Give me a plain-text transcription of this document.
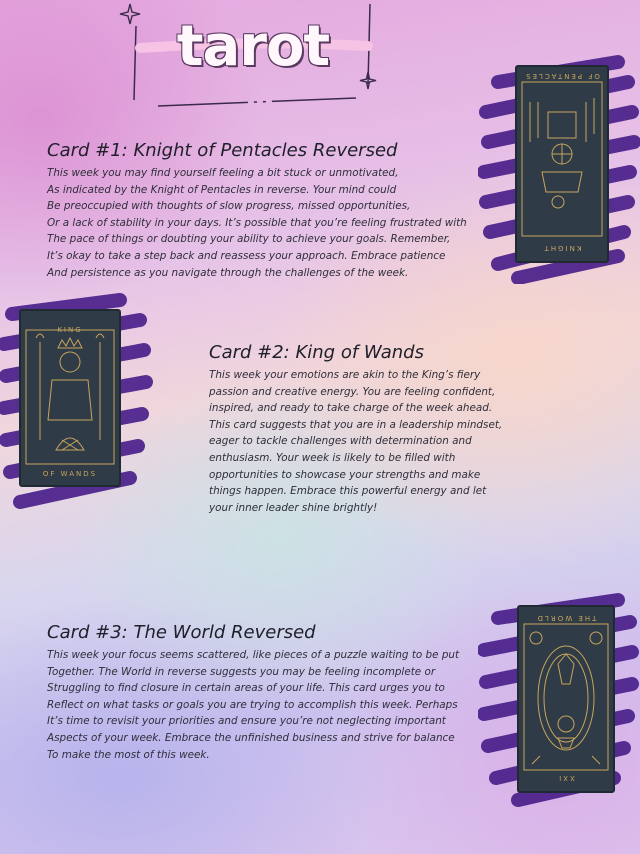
tarot
Card #1: Knight of Pentacles Reversed

This week you may find yourself feeling a bit stuck or unmotivated,
As indicated by the Knight of Pentacles in reverse. Your mind could
Be preoccupied with thoughts of slow progress, missed opportunities,
Or a lack of stability in your days. It’s possible that you’re feeling frustrated with
The pace of things or doubting your ability to achieve your goals. Remember,
It’s okay to take a step back and reassess your approach. Embrace patience
And persistence as you navigate through the challenges of the week.

OF PENTACLES
KNIGHT
KING
OF WANDS
Card #2: King of Wands

This week your emotions are akin to the King’s fiery
passion and creative energy. You are feeling confident,
inspired, and ready to take charge of the week ahead.
This card suggests that you are in a leadership mindset,
eager to tackle challenges with determination and
enthusiasm. Your week is likely to be filled with
opportunities to showcase your strengths and make
things happen. Embrace this powerful energy and let
your inner leader shine brightly!

Card #3: The World Reversed

This week your focus seems scattered, like pieces of a puzzle waiting to be put
Together. The World in reverse suggests you may be feeling incomplete or
Struggling to find closure in certain areas of your life. This card urges you to
Reflect on what tasks or goals you are trying to accomplish this week. Perhaps
It’s time to revisit your priorities and ensure you’re not neglecting important
Aspects of your week. Embrace the unfinished business and strive for balance
To make the most of this week.

THE WORLD
XXI
